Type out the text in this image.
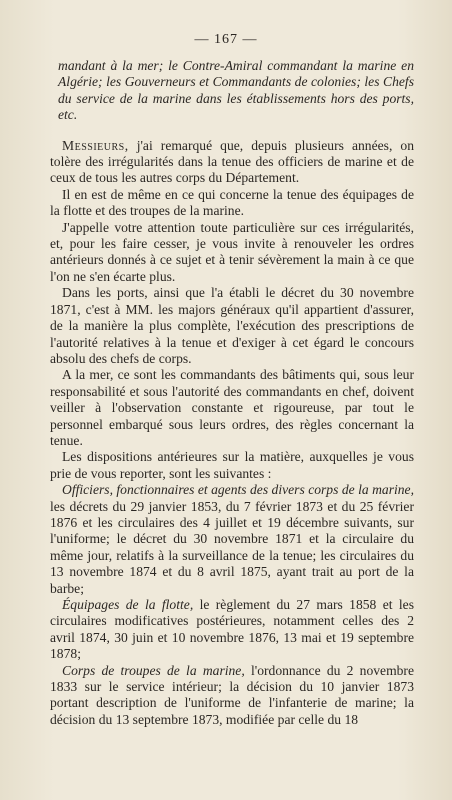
— 167 —

mandant à la mer; le Contre-Amiral commandant la marine en Algérie; les Gouverneurs et Commandants de colonies; les Chefs du service de la marine dans les établissements hors des ports, etc.

Messieurs, j'ai remarqué que, depuis plusieurs années, on tolère des irrégularités dans la tenue des officiers de marine et de ceux de tous les autres corps du Département.

Il en est de même en ce qui concerne la tenue des équipages de la flotte et des troupes de la marine.

J'appelle votre attention toute particulière sur ces irrégularités, et, pour les faire cesser, je vous invite à renouveler les ordres antérieurs donnés à ce sujet et à tenir sévèrement la main à ce que l'on ne s'en écarte plus.

Dans les ports, ainsi que l'a établi le décret du 30 novembre 1871, c'est à MM. les majors généraux qu'il appartient d'assurer, de la manière la plus complète, l'exécution des prescriptions de l'autorité relatives à la tenue et d'exiger à cet égard le concours absolu des chefs de corps.

A la mer, ce sont les commandants des bâtiments qui, sous leur responsabilité et sous l'autorité des commandants en chef, doivent veiller à l'observation constante et rigoureuse, par tout le personnel embarqué sous leurs ordres, des règles concernant la tenue.

Les dispositions antérieures sur la matière, auxquelles je vous prie de vous reporter, sont les suivantes :

Officiers, fonctionnaires et agents des divers corps de la marine, les décrets du 29 janvier 1853, du 7 février 1873 et du 25 février 1876 et les circulaires des 4 juillet et 19 décembre suivants, sur l'uniforme; le décret du 30 novembre 1871 et la circulaire du même jour, relatifs à la surveillance de la tenue; les circulaires du 13 novembre 1874 et du 8 avril 1875, ayant trait au port de la barbe;

Équipages de la flotte, le règlement du 27 mars 1858 et les circulaires modificatives postérieures, notamment celles des 2 avril 1874, 30 juin et 10 novembre 1876, 13 mai et 19 septembre 1878;

Corps de troupes de la marine, l'ordonnance du 2 novembre 1833 sur le service intérieur; la décision du 10 janvier 1873 portant description de l'uniforme de l'infanterie de marine; la décision du 13 septembre 1873, modifiée par celle du 18
